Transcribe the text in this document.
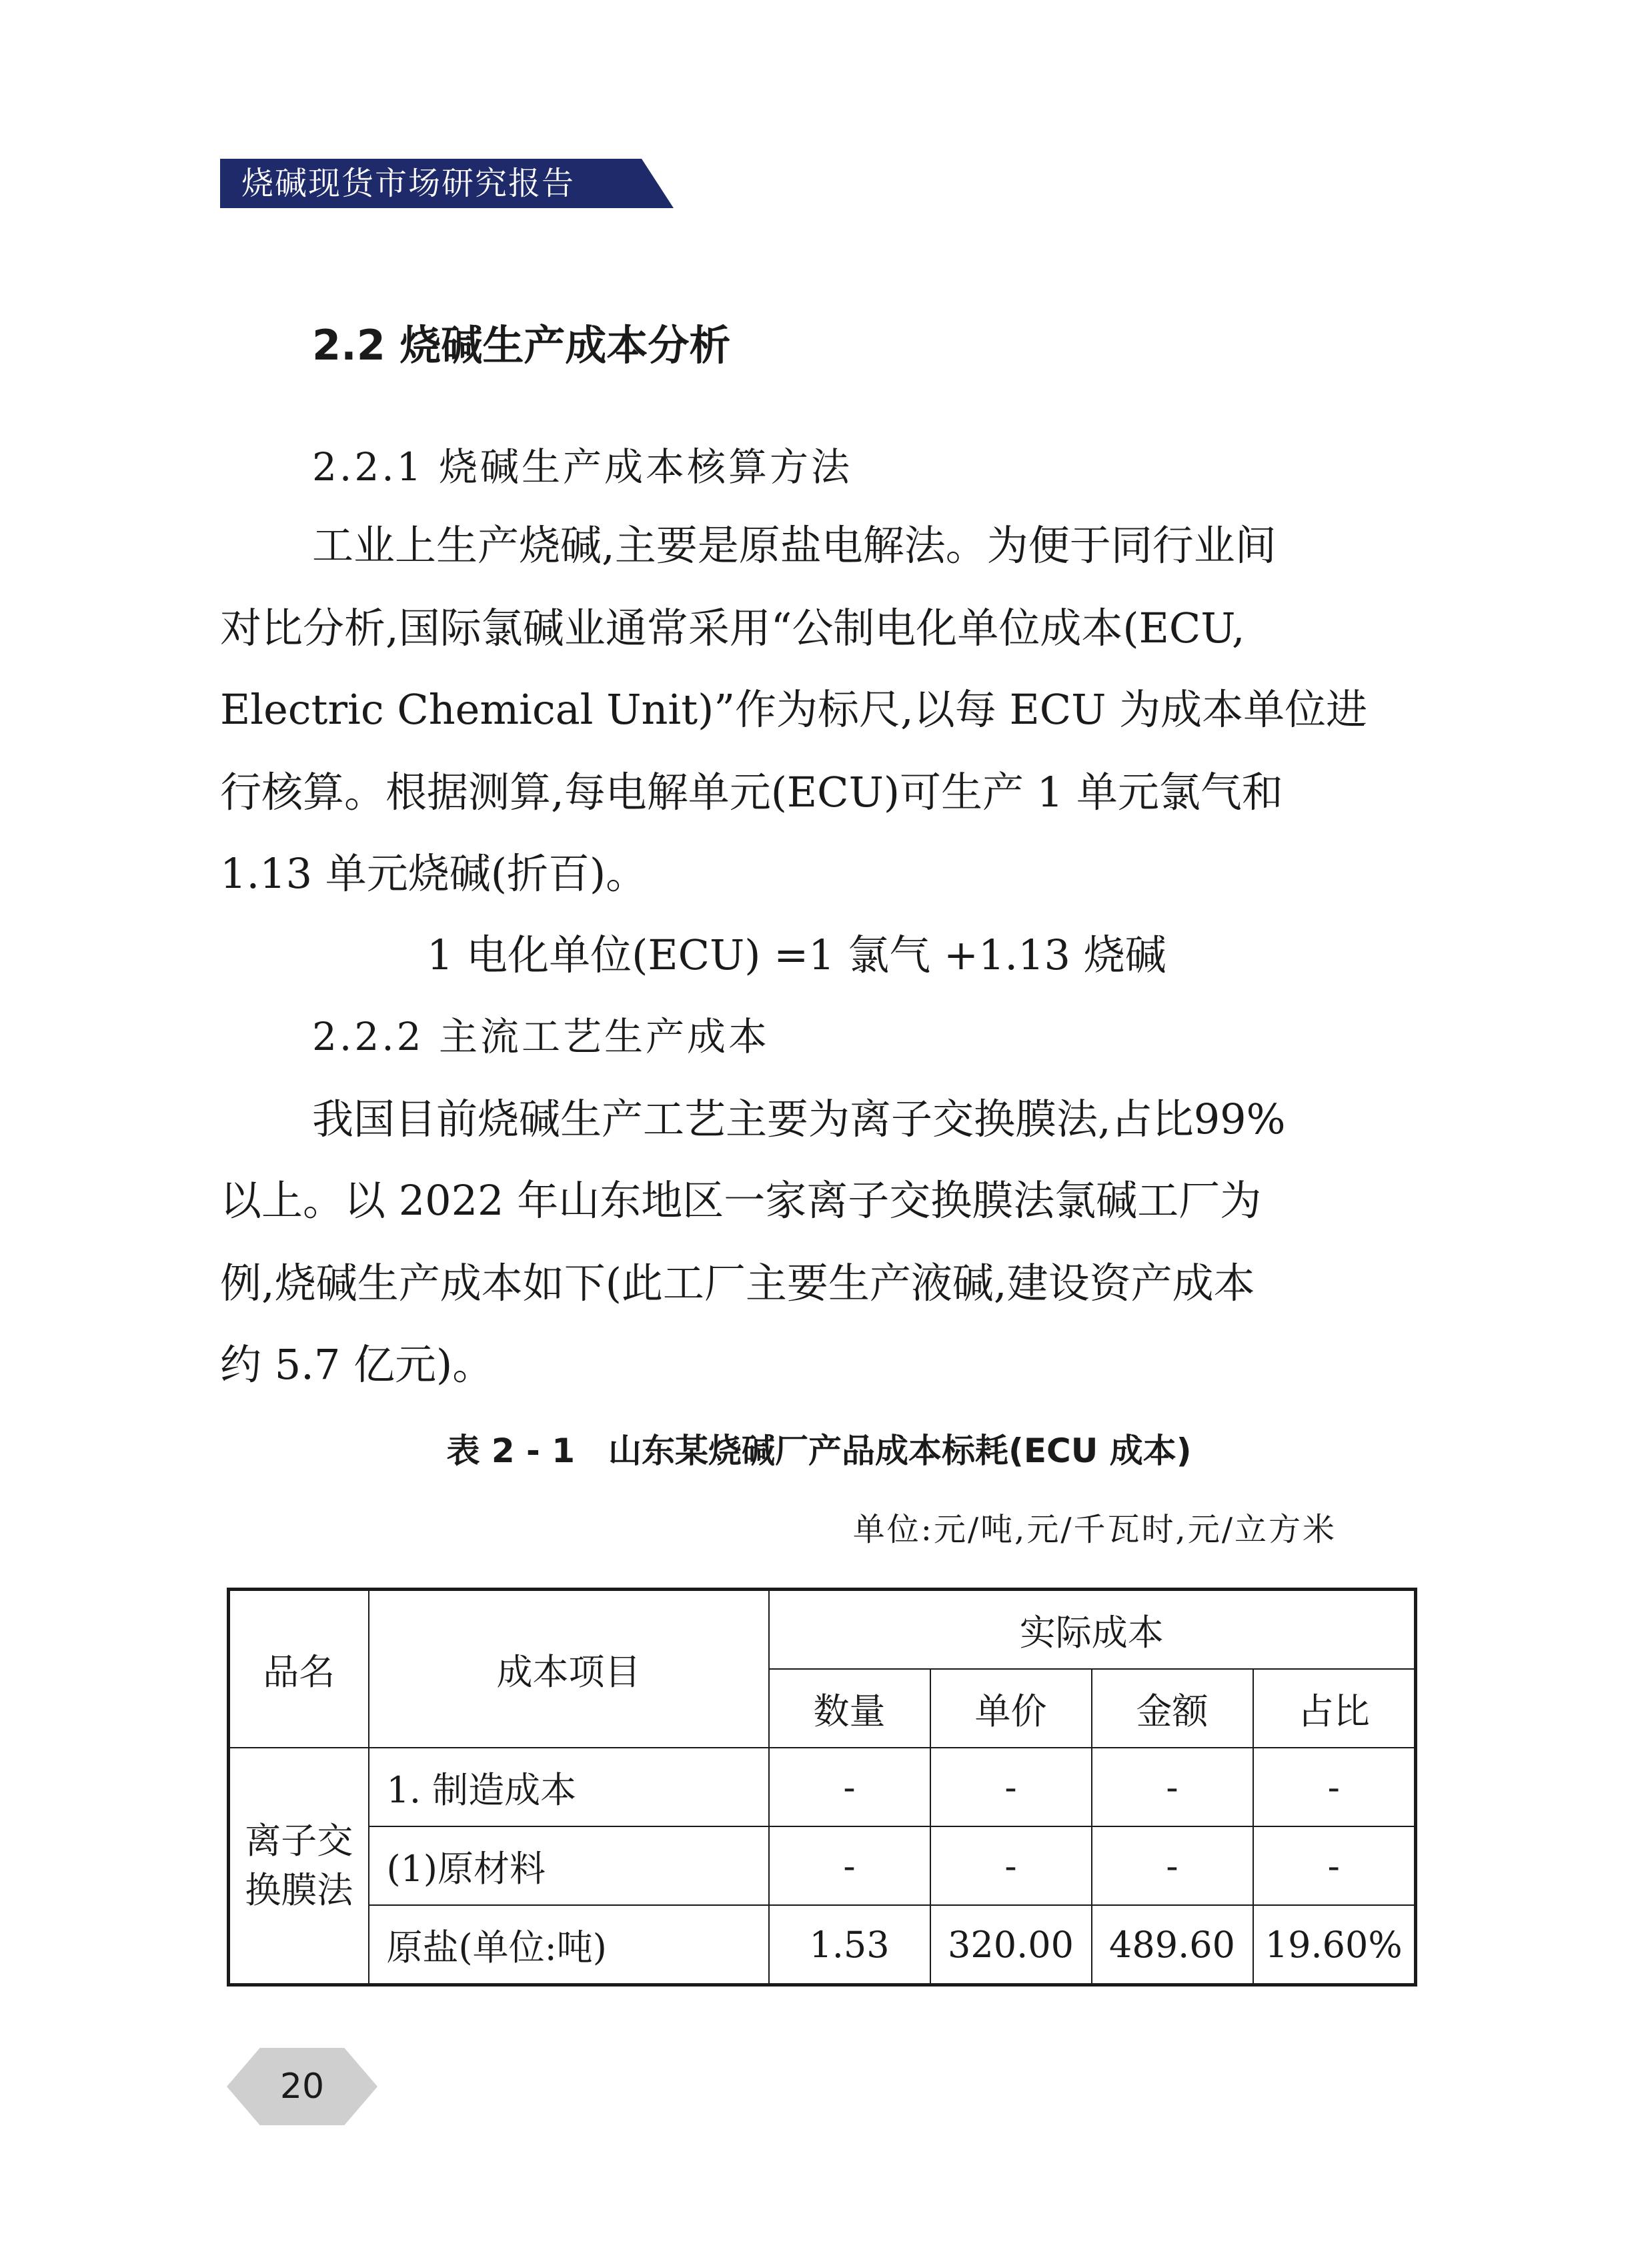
烧碱现货市场研究报告
2.2 烧碱生产成本分析
2.2.1 烧碱生产成本核算方法
工业上生产烧碱,主要是原盐电解法。为便于同行业间
对比分析,国际氯碱业通常采用“公制电化单位成本(ECU,
Electric Chemical Unit)”作为标尺,以每 ECU 为成本单位进
行核算。根据测算,每电解单元(ECU)可生产 1 单元氯气和
1.13 单元烧碱(折百)。
1 电化单位(ECU) =1 氯气 +1.13 烧碱
2.2.2 主流工艺生产成本
我国目前烧碱生产工艺主要为离子交换膜法,占比99%
以上。以 2022 年山东地区一家离子交换膜法氯碱工厂为
例,烧碱生产成本如下(此工厂主要生产液碱,建设资产成本
约 5.7 亿元)。
表 2 - 1　山东某烧碱厂产品成本标耗(ECU 成本)
单位:元/吨,元/千瓦时,元/立方米
品名	成本项目	实际成本			
		数量	单价	金额	占比
离子交换膜法	1. 制造成本	-	-	-	-
	(1)原材料	-	-	-	-
	原盐(单位:吨)	1.53	320.00	489.60	19.60%
20
